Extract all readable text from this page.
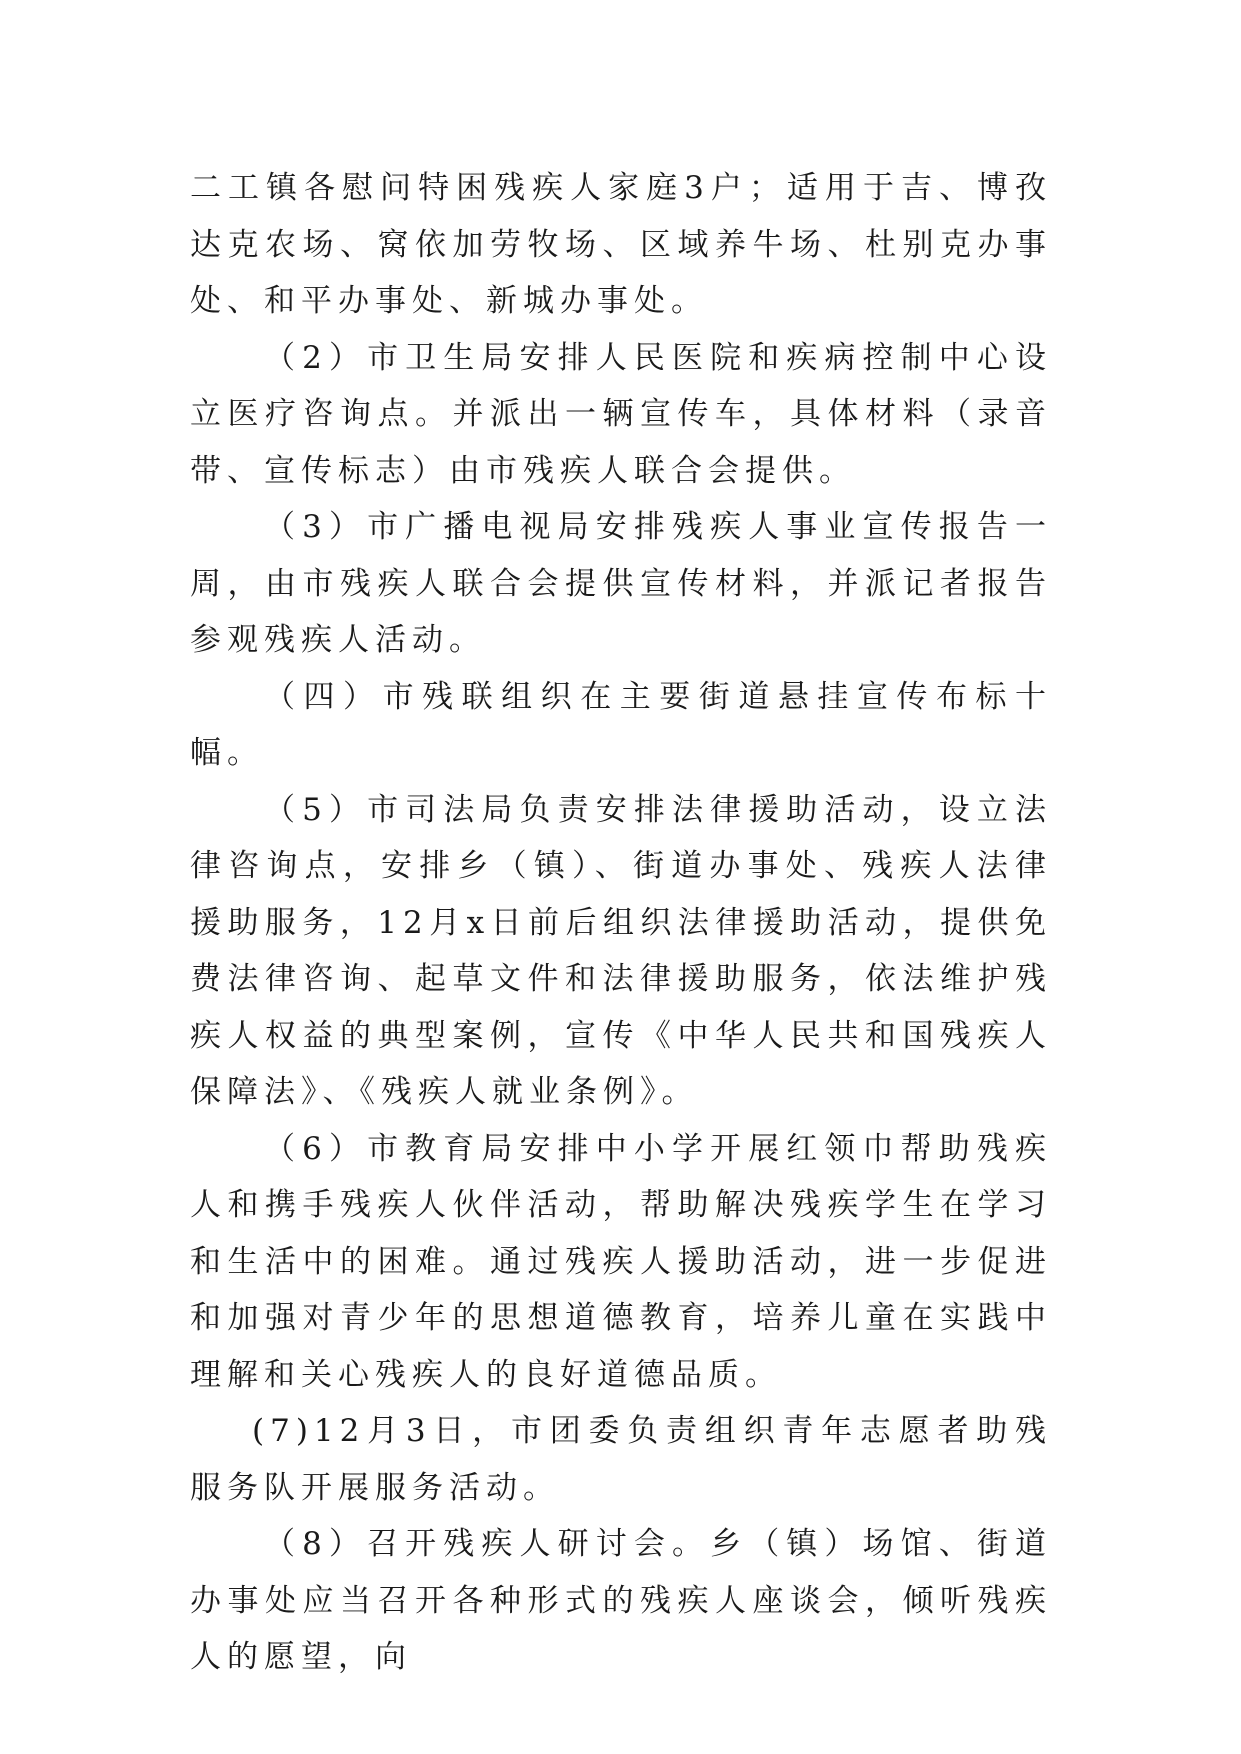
二工镇各慰问特困残疾人家庭3户；适用于吉、博孜达克农场、窝依加劳牧场、区域养牛场、杜别克办事处、和平办事处、新城办事处。

（2）市卫生局安排人民医院和疾病控制中心设立医疗咨询点。并派出一辆宣传车，具体材料（录音带、宣传标志）由市残疾人联合会提供。

（3）市广播电视局安排残疾人事业宣传报告一周，由市残疾人联合会提供宣传材料，并派记者报告参观残疾人活动。

（四）市残联组织在主要街道悬挂宣传布标十幅。

（5）市司法局负责安排法律援助活动，设立法律咨询点，安排乡（镇）、街道办事处、残疾人法律援助服务，12月x日前后组织法律援助活动，提供免费法律咨询、起草文件和法律援助服务，依法维护残疾人权益的典型案例，宣传《中华人民共和国残疾人保障法》、《残疾人就业条例》。

（6）市教育局安排中小学开展红领巾帮助残疾人和携手残疾人伙伴活动，帮助解决残疾学生在学习和生活中的困难。通过残疾人援助活动，进一步促进和加强对青少年的思想道德教育，培养儿童在实践中理解和关心残疾人的良好道德品质。

(7)12月3日，市团委负责组织青年志愿者助残服务队开展服务活动。

（8）召开残疾人研讨会。乡（镇）场馆、街道办事处应当召开各种形式的残疾人座谈会，倾听残疾人的愿望，向
